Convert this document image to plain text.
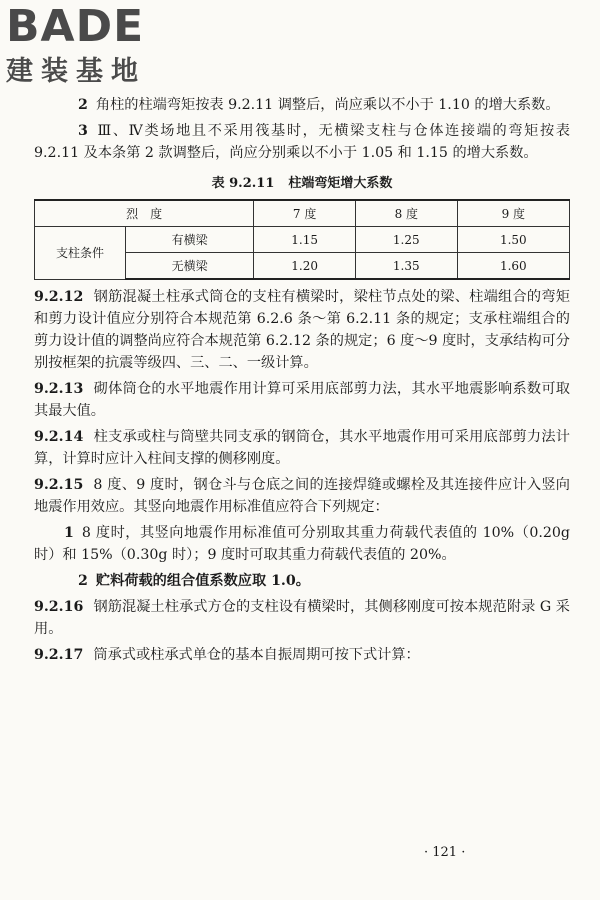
BADE
建装基地

2 角柱的柱端弯矩按表 9.2.11 调整后，尚应乘以不小于 1.10 的增大系数。

3 Ⅲ、Ⅳ类场地且不采用筏基时，无横梁支柱与仓体连接端的弯矩按表 9.2.11 及本条第 2 款调整后，尚应分别乘以不小于 1.05 和 1.15 的增大系数。

表 9.2.11 柱端弯矩增大系数
烈　度		7 度	8 度	9 度
支柱条件	有横梁	1.15	1.25	1.50
	无横梁	1.20	1.35	1.60

9.2.12 钢筋混凝土柱承式筒仓的支柱有横梁时，梁柱节点处的梁、柱端组合的弯矩和剪力设计值应分别符合本规范第 6.2.6 条～第 6.2.11 条的规定；支承柱端组合的剪力设计值的调整尚应符合本规范第 6.2.12 条的规定；6 度～9 度时，支承结构可分别按框架的抗震等级四、三、二、一级计算。

9.2.13 砌体筒仓的水平地震作用计算可采用底部剪力法，其水平地震影响系数可取其最大值。

9.2.14 柱支承或柱与筒壁共同支承的钢筒仓，其水平地震作用可采用底部剪力法计算，计算时应计入柱间支撑的侧移刚度。

9.2.15 8 度、9 度时，钢仓斗与仓底之间的连接焊缝或螺栓及其连接件应计入竖向地震作用效应。其竖向地震作用标准值应符合下列规定：

1 8 度时，其竖向地震作用标准值可分别取其重力荷载代表值的 10%（0.20g 时）和 15%（0.30g 时）；9 度时可取其重力荷载代表值的 20%。

2 贮料荷载的组合值系数应取 1.0。

9.2.16 钢筋混凝土柱承式方仓的支柱设有横梁时，其侧移刚度可按本规范附录 G 采用。

9.2.17 筒承式或柱承式单仓的基本自振周期可按下式计算：

· 121 ·
